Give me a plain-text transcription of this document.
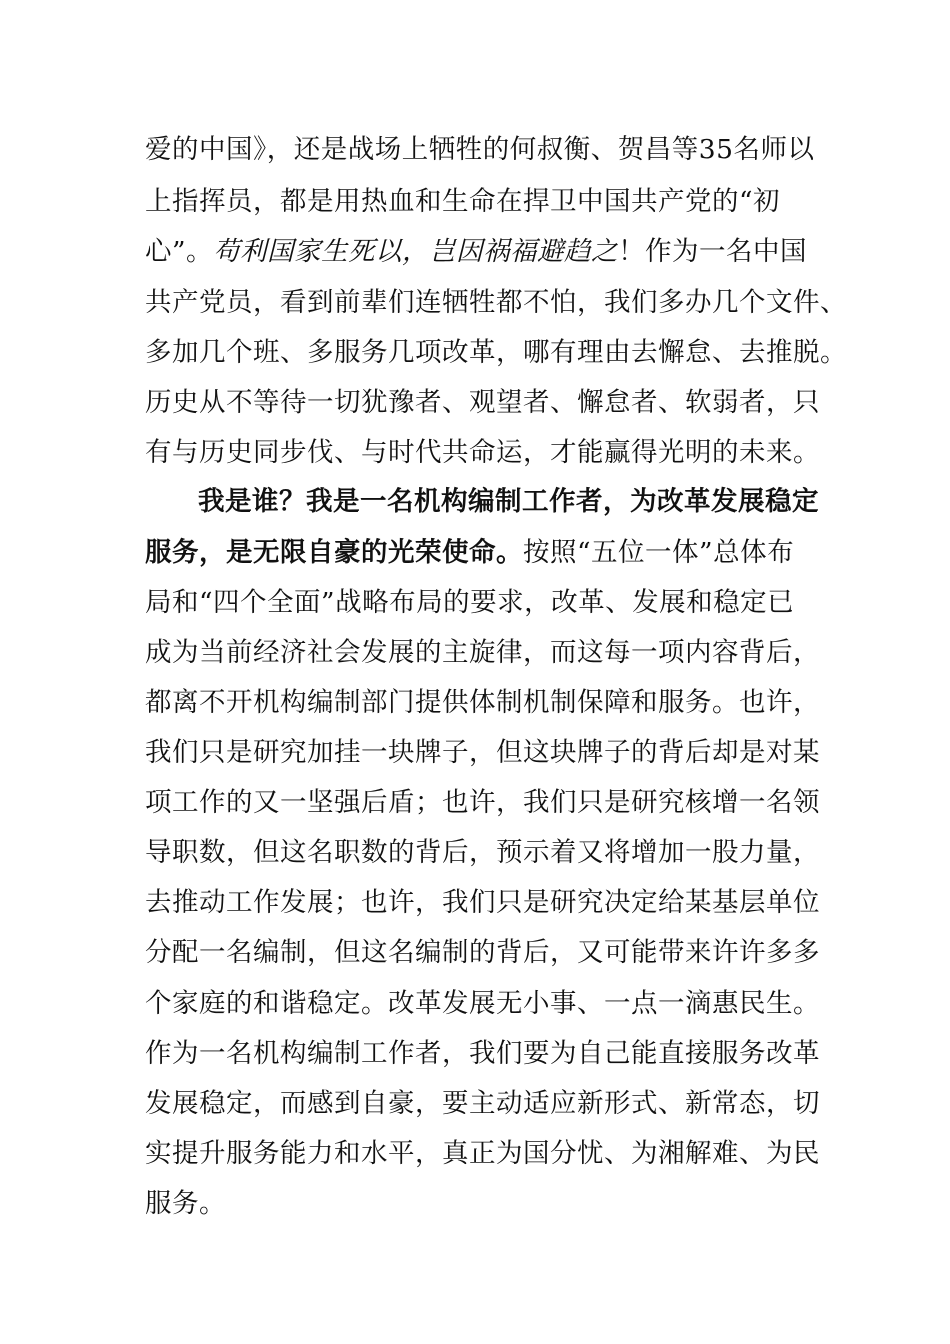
爱的中国》，还是战场上牺牲的何叔衡、贺昌等35名师以
上指挥员，都是用热血和生命在捍卫中国共产党的“初
心”。苟利国家生死以，岂因祸福避趋之！作为一名中国
共产党员，看到前辈们连牺牲都不怕，我们多办几个文件、
多加几个班、多服务几项改革，哪有理由去懈怠、去推脱。
历史从不等待一切犹豫者、观望者、懈怠者、软弱者，只
有与历史同步伐、与时代共命运，才能赢得光明的未来。
我是谁？我是一名机构编制工作者，为改革发展稳定
服务，是无限自豪的光荣使命。按照“五位一体”总体布
局和“四个全面”战略布局的要求，改革、发展和稳定已
成为当前经济社会发展的主旋律，而这每一项内容背后，
都离不开机构编制部门提供体制机制保障和服务。也许，
我们只是研究加挂一块牌子，但这块牌子的背后却是对某
项工作的又一坚强后盾；也许，我们只是研究核增一名领
导职数，但这名职数的背后，预示着又将增加一股力量，
去推动工作发展；也许，我们只是研究决定给某基层单位
分配一名编制，但这名编制的背后，又可能带来许许多多
个家庭的和谐稳定。改革发展无小事、一点一滴惠民生。
作为一名机构编制工作者，我们要为自己能直接服务改革
发展稳定，而感到自豪，要主动适应新形式、新常态，切
实提升服务能力和水平，真正为国分忧、为湘解难、为民
服务。
